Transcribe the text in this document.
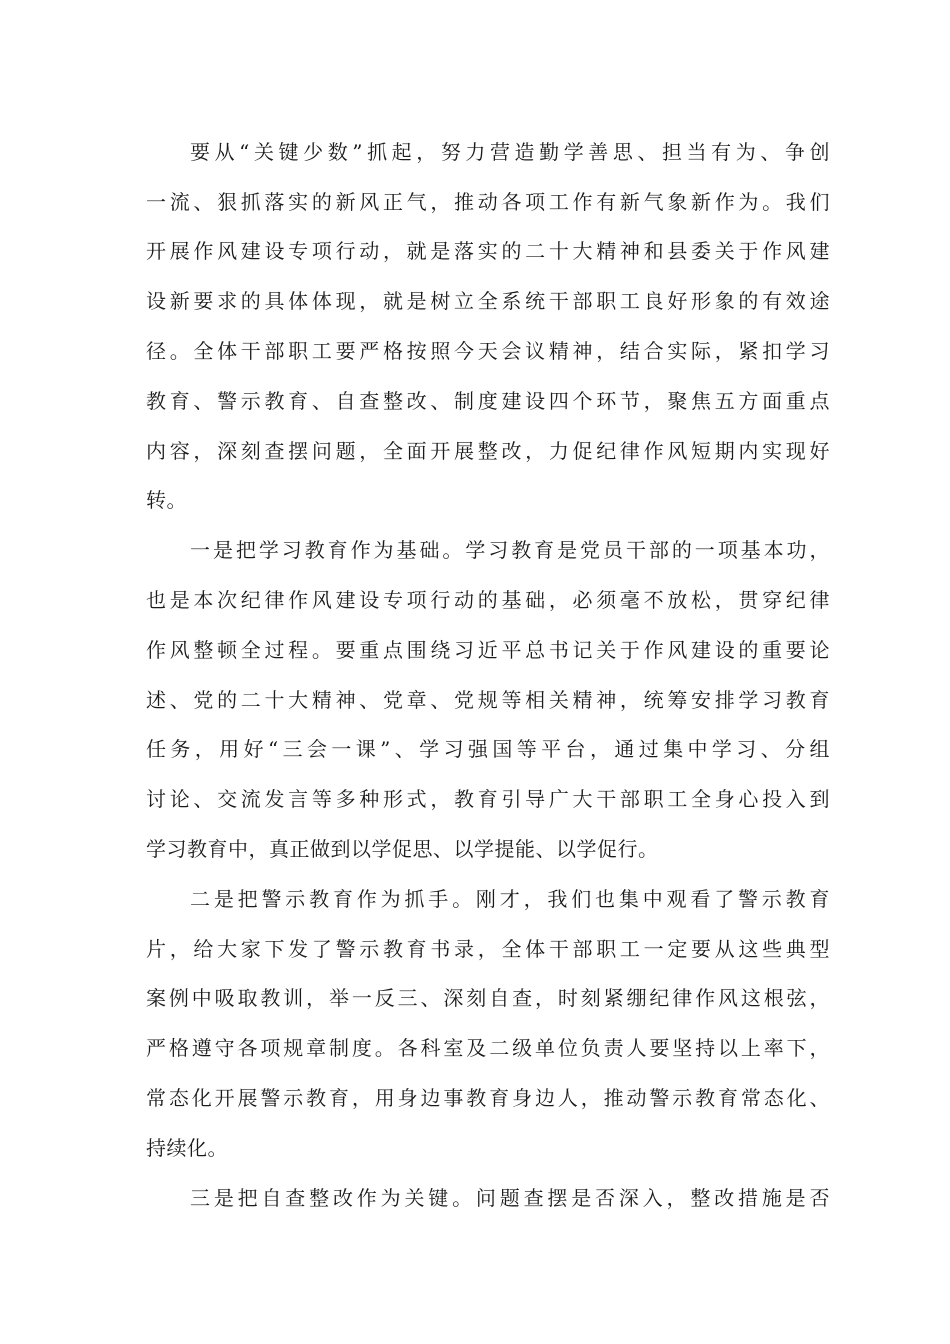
要从“关键少数”抓起，努力营造勤学善思、担当有为、争创
一流、狠抓落实的新风正气，推动各项工作有新气象新作为。我们
开展作风建设专项行动，就是落实的二十大精神和县委关于作风建
设新要求的具体体现，就是树立全系统干部职工良好形象的有效途
径。全体干部职工要严格按照今天会议精神，结合实际，紧扣学习
教育、警示教育、自查整改、制度建设四个环节，聚焦五方面重点
内容，深刻查摆问题，全面开展整改，力促纪律作风短期内实现好
转。
一是把学习教育作为基础。学习教育是党员干部的一项基本功，
也是本次纪律作风建设专项行动的基础，必须毫不放松，贯穿纪律
作风整顿全过程。要重点围绕习近平总书记关于作风建设的重要论
述、党的二十大精神、党章、党规等相关精神，统筹安排学习教育
任务，用好“三会一课”、学习强国等平台，通过集中学习、分组
讨论、交流发言等多种形式，教育引导广大干部职工全身心投入到
学习教育中，真正做到以学促思、以学提能、以学促行。
二是把警示教育作为抓手。刚才，我们也集中观看了警示教育
片，给大家下发了警示教育书录，全体干部职工一定要从这些典型
案例中吸取教训，举一反三、深刻自查，时刻紧绷纪律作风这根弦，
严格遵守各项规章制度。各科室及二级单位负责人要坚持以上率下，
常态化开展警示教育，用身边事教育身边人，推动警示教育常态化、
持续化。
三是把自查整改作为关键。问题查摆是否深入，整改措施是否
